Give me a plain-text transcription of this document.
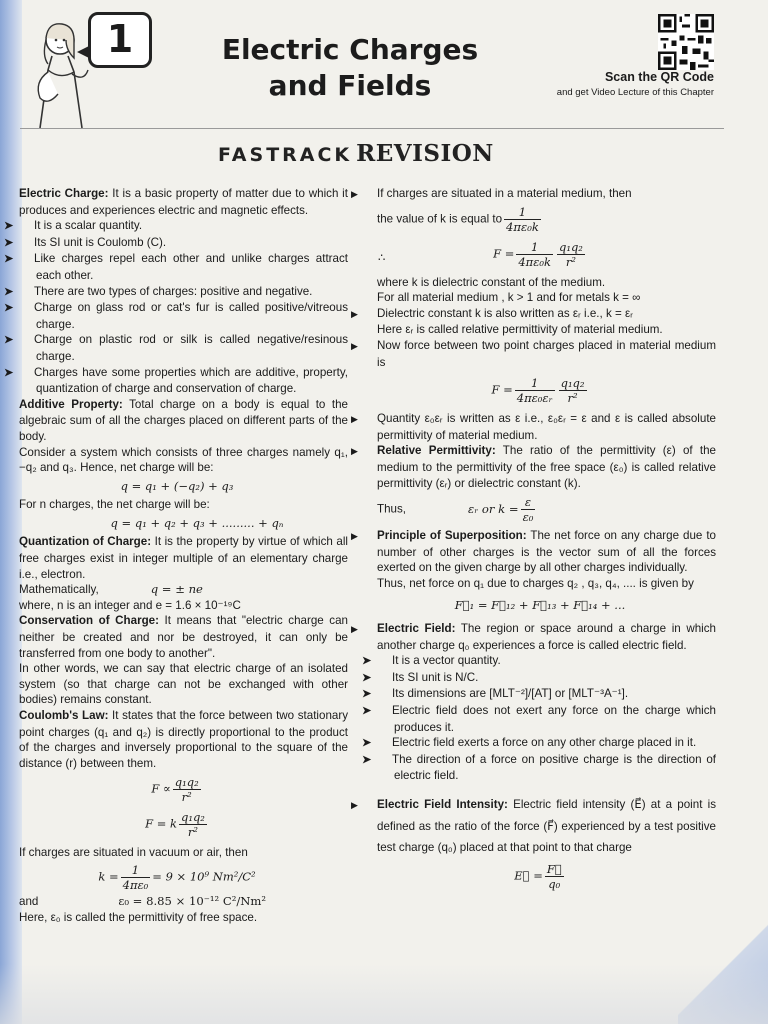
1	Electric Charges
and Fields	Scan the QR Code
and get Video Lecture of this Chapter
FASTRACK REVISION

Electric Charge: It is a basic property of matter due to which it produces and experiences electric and magnetic effects.

➤ It is a scalar quantity.

➤ Its SI unit is Coulomb (C).

➤ Like charges repel each other and unlike charges attract each other.

➤ There are two types of charges: positive and negative.

➤ Charge on glass rod or cat's fur is called positive/vitreous charge.

➤ Charge on plastic rod or silk is called negative/resinous charge.

➤ Charges have some properties which are additive, property, quantization of charge and conservation of charge.

Additive Property: Total charge on a body is equal to the algebraic sum of all the charges placed on different parts of the body.

Consider a system which consists of three charges namely q₁, −q₂ and q₃. Hence, net charge will be:

q = q₁ + (−q₂) + q₃

For n charges, the net charge will be:

q = q₁ + q₂ + q₃ + ......... + qₙ

Quantization of Charge: It is the property by virtue of which all free charges exist in integer multiple of an elementary charge i.e., electron.

Mathematically,	q = ± ne

where, n is an integer and e = 1.6 × 10⁻¹⁹C

Conservation of Charge: It means that "electric charge can neither be created and nor be destroyed, it can only be transferred from one body to another".

In other words, we can say that electric charge of an isolated system (so that charge can not be exchanged with other bodies) remains constant.

Coulomb's Law: It states that the force between two stationary point charges (q₁ and q₂) is directly proportional to the product of the charges and inversely proportional to the square of the distance (r) between them.

$F \propto \frac{\text{q₁q₂}}{\text{r²}}$
F = k $\frac{\text{q₁q₂}}{\text{r²}}$

If charges are situated in vacuum or air, then

$k = \frac{1}{\text{4πε₀}} = 9 \times 10^9$ Nm²/C²

and	ε₀ = 8.85 × 10⁻¹² C²/Nm²

Here, ε₀ is called the permittivity of free space.

▶ If charges are situated in a material medium, then

the value of k is equal to $\frac{1}{\text{4πε₀k}}$

∴	$F = \frac{1}{\text{4πε₀k}} \frac{\text{q₁q₂}}{\text{r²}}$

where k is dielectric constant of the medium.

For all material medium , k > 1 and for metals k = ∞

▶ Dielectric constant k is also written as εᵣ i.e., k = εᵣ

Here εᵣ is called relative permittivity of material medium.

▶ Now force between two point charges placed in material medium is

$F = \frac{1}{\text{4πε₀εᵣ}} \frac{\text{q₁q₂}}{\text{r²}}$

▶ Quantity ε₀εᵣ is written as ε i.e., ε₀εᵣ = ε and ε is called absolute permittivity of material medium.

▶ Relative Permittivity: The ratio of the permittivity (ε) of the medium to the permittivity of the free space (ε₀) is called relative permittivity (εᵣ) or dielectric constant (k).

Thus,	εᵣ or $k = \frac{\varepsilon}{\text{ε₀}}$

▶ Principle of Superposition: The net force on any charge due to number of other charges is the vector sum of all the forces exerted on the given charge by all other charges individually.

Thus, net force on q₁ due to charges q₂ , q₃, q₄, .... is given by

F⃗₁ = F⃗₁₂ + F⃗₁₃ + F⃗₁₄ + ...

▶ Electric Field: The region or space around a charge in which another charge q₀ experiences a force is called electric field.

➤ It is a vector quantity.

➤ Its SI unit is N/C.

➤ Its dimensions are [MLT⁻²]/[AT] or [MLT⁻³A⁻¹].

➤ Electric field does not exert any force on the charge which produces it.

➤ Electric field exerts a force on any other charge placed in it.

➤ The direction of a force on positive charge is the direction of electric field.

▶ Electric Field Intensity: Electric field intensity (E⃗) at a point is defined as the ratio of the force (F⃗) experienced by a test positive test charge (q₀) placed at that point to that charge

E⃗ = $\frac{F⃗}{\text{q₀}}$
